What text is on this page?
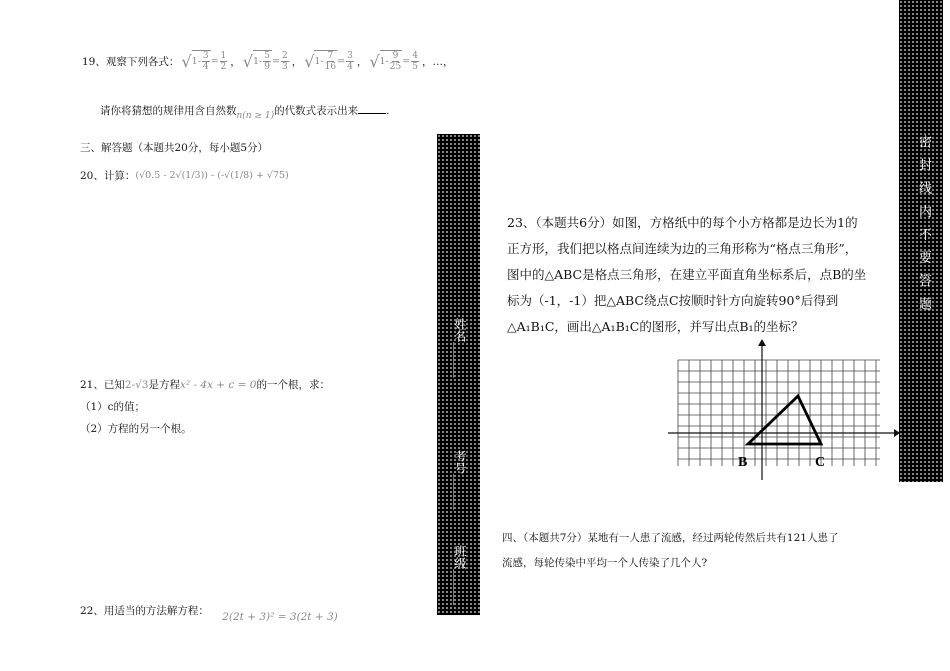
19、观察下列各式： √ $1- \frac{3}{4} = \frac{1}{2}$ ， √ $1- \frac{5}{9} = \frac{2}{3}$ ， √ $1- \frac{7}{16} = \frac{3}{4}$ ， √ $1- \frac{9}{25} = \frac{4}{5}$ ， …，
请你将猜想的规律用含自然数n(n ≥ 1)的代数式表示出来	.
三、解答题（本题共20分，每小题5分）
20、计算： (√0.5 - 2√(1/3)) - (-√(1/8) + √75)
21、已知2-√3是方程x² - 4x + c = 0的一个根，求：
（1）c的值；
（2）方程的另一个根。
22、用适当的方法解方程： 2(2t + 3)² = 3(2t + 3)
姓名______
考号______
班级______
密 封 线 内 不 要 答 题
23、（本题共6分）如图，方格纸中的每个小方格都是边长为1的正方形，我们把以格点间连续为边的三角形称为“格点三角形”，图中的△ABC是格点三角形，在建立平面直角坐标系后，点B的坐标为（-1，-1）把△ABC绕点C按顺时针方向旋转90°后得到△A₁B₁C，画出△A₁B₁C的图形，并写出点B₁的坐标？
B	C
四、（本题共7分）某地有一人患了流感，经过两轮传然后共有121人患了
流感，每轮传染中平均一个人传染了几个人?
